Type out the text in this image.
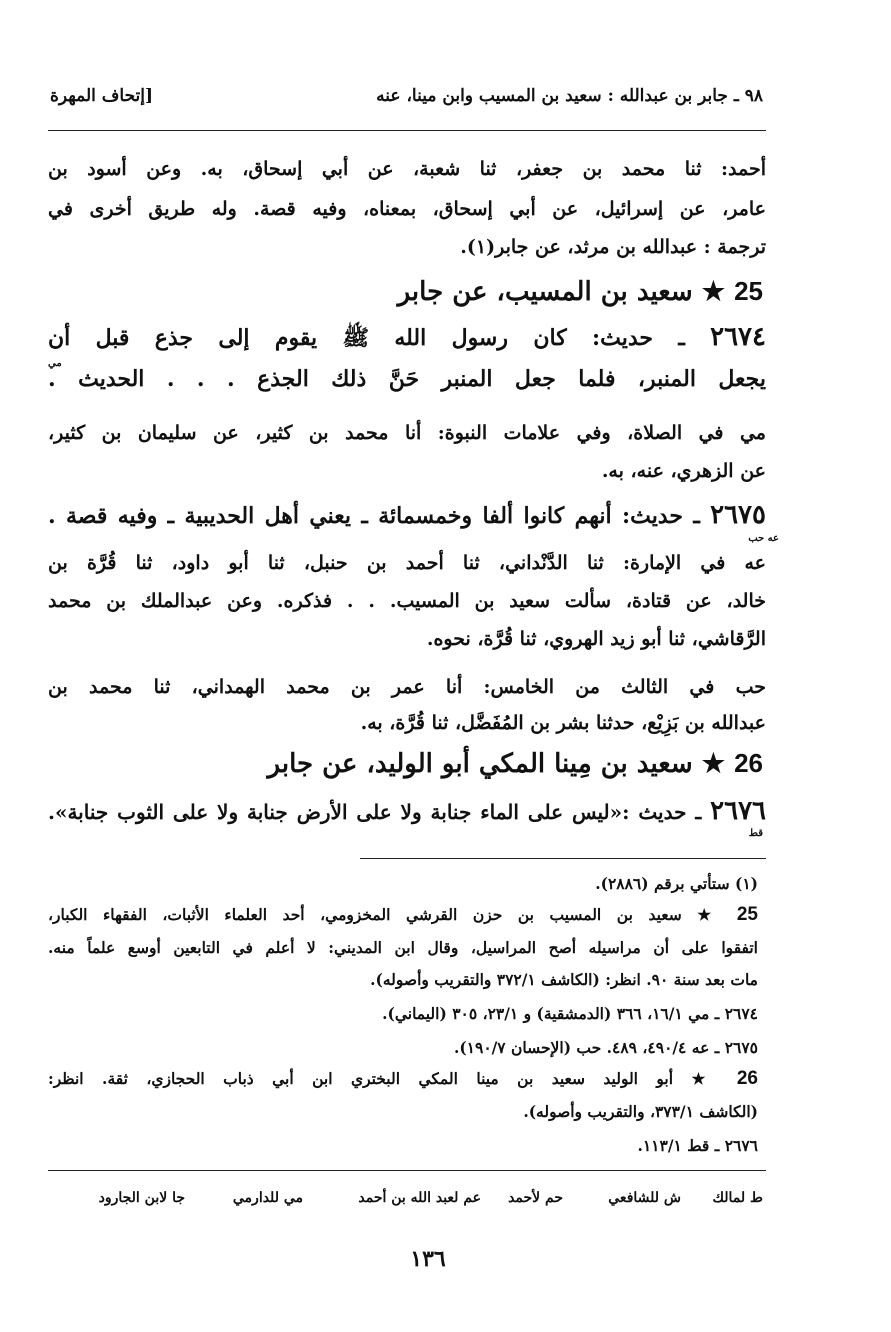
٩٨ ـ جابر بن عبدالله : سعيد بن المسيب وابن مينا، عنه
[إتحاف المهرة
أحمد: ثنا محمد بن جعفر، ثنا شعبة، عن أبي إسحاق، به. وعن أسود بن
عامر، عن إسرائيل، عن أبي إسحاق، بمعناه، وفيه قصة. وله طريق أخرى في
ترجمة : عبدالله بن مرثد، عن جابر(١).
25 ★ سعيد بن المسيب، عن جابر
٢٦٧٤ ـ حديث: كان رسول الله ﷺ يقوم إلى جذع قبل أن
مي
يجعل المنبر، فلما جعل المنبر حَنَّ ذلك الجذع . . . الحديث .
مي في الصلاة، وفي علامات النبوة: أنا محمد بن كثير، عن سليمان بن كثير،
عن الزهري، عنه، به.
٢٦٧٥ ـ حديث: أنهم كانوا ألفا وخمسمائة ـ يعني أهل الحديبية ـ وفيه قصة .
عه حب
عه في الإمارة: ثنا الدَّنْداني، ثنا أحمد بن حنبل، ثنا أبو داود، ثنا قُرَّة بن
خالد، عن قتادة، سألت سعيد بن المسيب. . . فذكره. وعن عبدالملك بن محمد
الرَّقاشي، ثنا أبو زيد الهروي، ثنا قُرَّة، نحوه.
حب في الثالث من الخامس: أنا عمر بن محمد الهمداني، ثنا محمد بن
عبدالله بن بَزِيْع، حدثنا بشر بن المُفَضَّل، ثنا قُرَّة، به.
26 ★ سعيد بن مِينا المكي أبو الوليد، عن جابر
٢٦٧٦ ـ حديث :«ليس على الماء جنابة ولا على الأرض جنابة ولا على الثوب جنابة».
قط
(١) ستأتي برقم (٢٨٨٦).
25 ★ سعيد بن المسيب بن حزن القرشي المخزومي، أحد العلماء الأثبات، الفقهاء الكبار،
اتفقوا على أن مراسيله أصح المراسيل، وقال ابن المديني: لا أعلم في التابعين أوسع علماً منه.
مات بعد سنة ٩٠. انظر: (الكاشف ٣٧٢/١ والتقريب وأصوله).
٢٦٧٤ ـ مي ١٦/١، ٣٦٦ (الدمشقية) و ٢٣/١، ٣٠٥ (اليماني).
٢٦٧٥ ـ عه ٤٩٠/٤، ٤٨٩. حب (الإحسان ١٩٠/٧).
26 ★ أبو الوليد سعيد بن مينا المكي البختري ابن أبي ذباب الحجازي، ثقة. انظر:
(الكاشف ٣٧٣/١، والتقريب وأصوله).
٢٦٧٦ ـ قط ١١٣/١.
ط لمالك
ش للشافعي
حم لأحمد
عم لعبد الله بن أحمد
مي للدارمي
جا لابن الجارود
١٣٦
